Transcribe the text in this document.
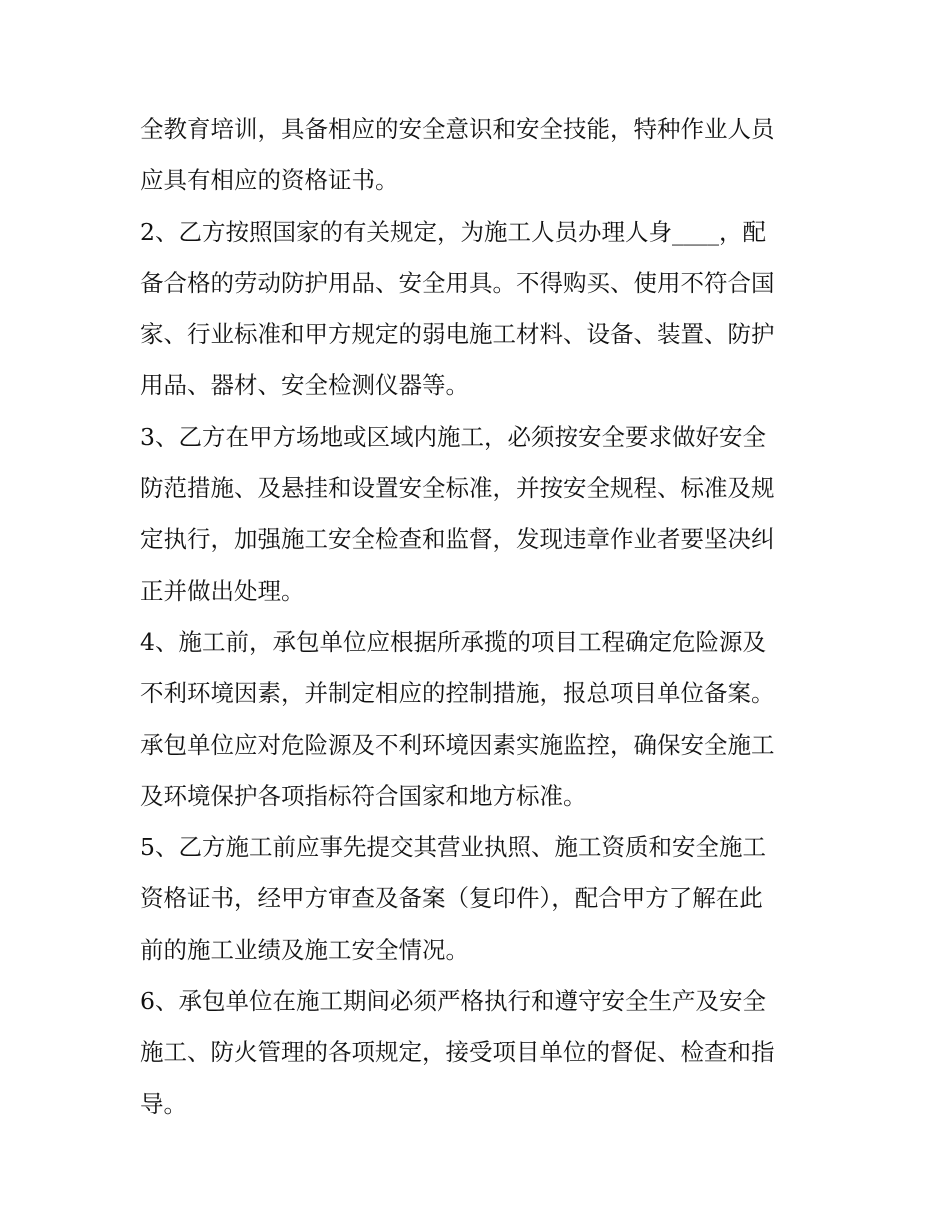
全教育培训，具备相应的安全意识和安全技能，特种作业人员
应具有相应的资格证书。

2、乙方按照国家的有关规定，为施工人员办理人身____，配
备合格的劳动防护用品、安全用具。不得购买、使用不符合国
家、行业标准和甲方规定的弱电施工材料、设备、装置、防护
用品、器材、安全检测仪器等。

3、乙方在甲方场地或区域内施工，必须按安全要求做好安全
防范措施、及悬挂和设置安全标准，并按安全规程、标准及规
定执行，加强施工安全检查和监督，发现违章作业者要坚决纠
正并做出处理。

4、施工前，承包单位应根据所承揽的项目工程确定危险源及
不利环境因素，并制定相应的控制措施，报总项目单位备案。
承包单位应对危险源及不利环境因素实施监控，确保安全施工
及环境保护各项指标符合国家和地方标准。

5、乙方施工前应事先提交其营业执照、施工资质和安全施工
资格证书，经甲方审查及备案（复印件），配合甲方了解在此
前的施工业绩及施工安全情况。

6、承包单位在施工期间必须严格执行和遵守安全生产及安全
施工、防火管理的各项规定，接受项目单位的督促、检查和指
导。
